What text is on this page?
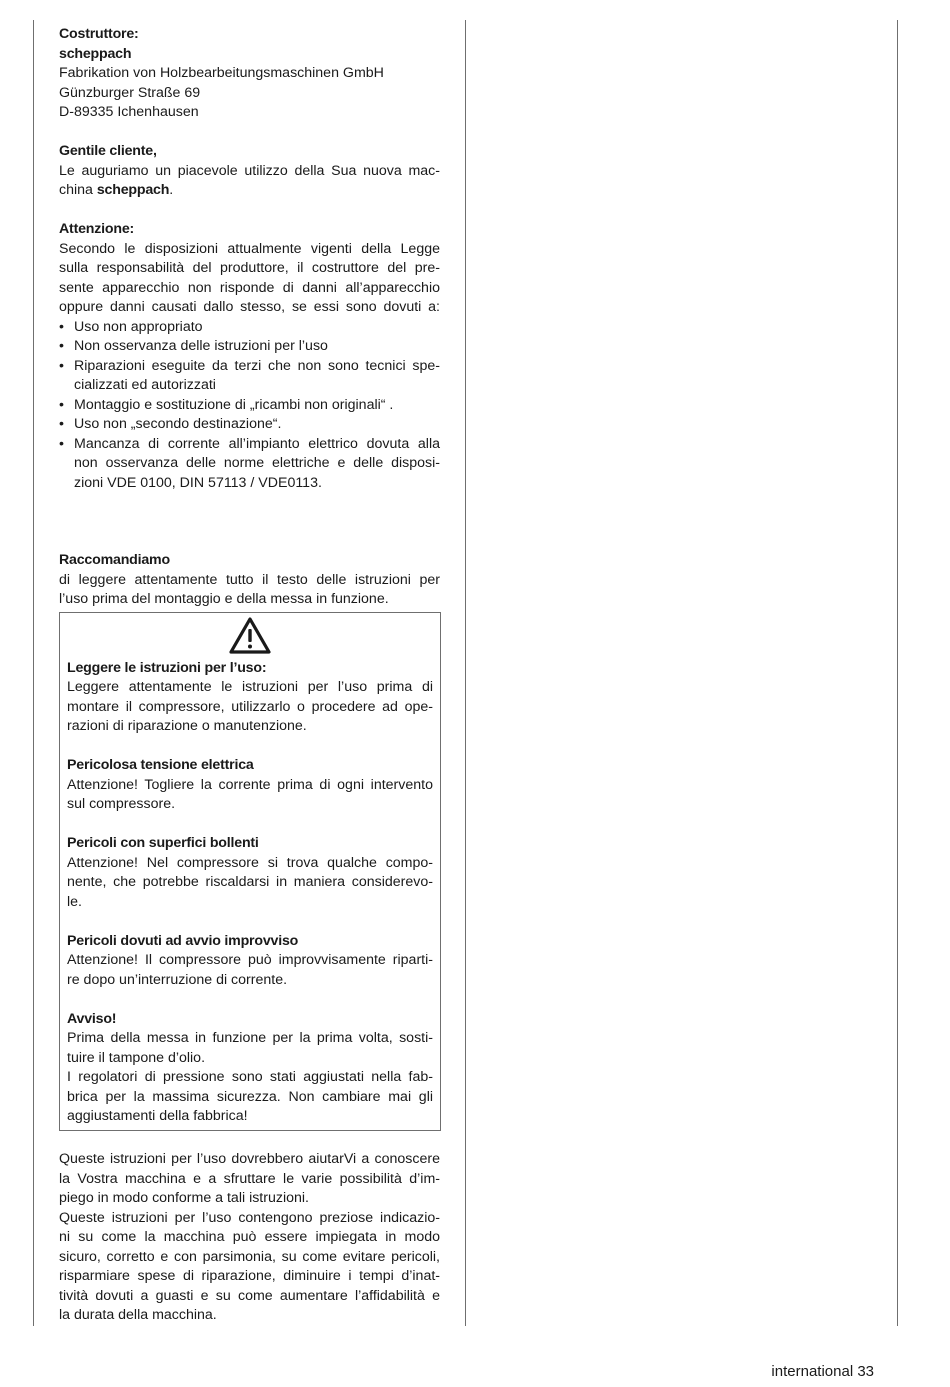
Costruttore:
scheppach
Fabrikation von Holzbearbeitungsmaschinen GmbH
Günzburger Straße 69
D-89335 Ichenhausen
Gentile cliente,
Le auguriamo un piacevole utilizzo della Sua nuova mac-
china scheppach.
Attenzione:
Secondo le disposizioni attualmente vigenti della Legge
sulla responsabilità del produttore, il costruttore del pre-
sente apparecchio non risponde di danni all’apparecchio
oppure danni causati dallo stesso, se essi sono dovuti a:
• Uso non appropriato
• Non osservanza delle istruzioni per l’uso
• Riparazioni eseguite da terzi che non sono tecnici spe-
cializzati ed autorizzati
• Montaggio e sostituzione di „ricambi non originali“ .
• Uso non „secondo destinazione“.
• Mancanza di corrente all’impianto elettrico dovuta alla
non osservanza delle norme elettriche e delle disposi-
zioni VDE 0100, DIN 57113 / VDE0113.
Raccomandiamo
di leggere attentamente tutto il testo delle istruzioni per
l’uso prima del montaggio e della messa in funzione.
Leggere le istruzioni per l’uso:
Leggere attentamente le istruzioni per l’uso prima di
montare il compressore, utilizzarlo o procedere ad ope-
razioni di riparazione o manutenzione.
Pericolosa tensione elettrica
Attenzione! Togliere la corrente prima di ogni intervento
sul compressore.
Pericoli con superfici bollenti
Attenzione! Nel compressore si trova qualche compo-
nente, che potrebbe riscaldarsi in maniera considerevo-
le.
Pericoli dovuti ad avvio improvviso
Attenzione! Il compressore può improvvisamente riparti-
re dopo un’interruzione di corrente.
Avviso!
Prima della messa in funzione per la prima volta, sosti-
tuire il tampone d’olio.
I regolatori di pressione sono stati aggiustati nella fab-
brica per la massima sicurezza. Non cambiare mai gli
aggiustamenti della fabbrica!
Queste istruzioni per l’uso dovrebbero aiutarVi a conoscere
la Vostra macchina e a sfruttare le varie possibilità d’im-
piego in modo conforme a tali istruzioni.
Queste istruzioni per l’uso contengono preziose indicazio-
ni su come la macchina può essere impiegata in modo
sicuro, corretto e con parsimonia, su come evitare pericoli,
risparmiare spese di riparazione, diminuire i tempi d’inat-
tività dovuti a guasti e su come aumentare l’affidabilità e
la durata della macchina.
international 33
